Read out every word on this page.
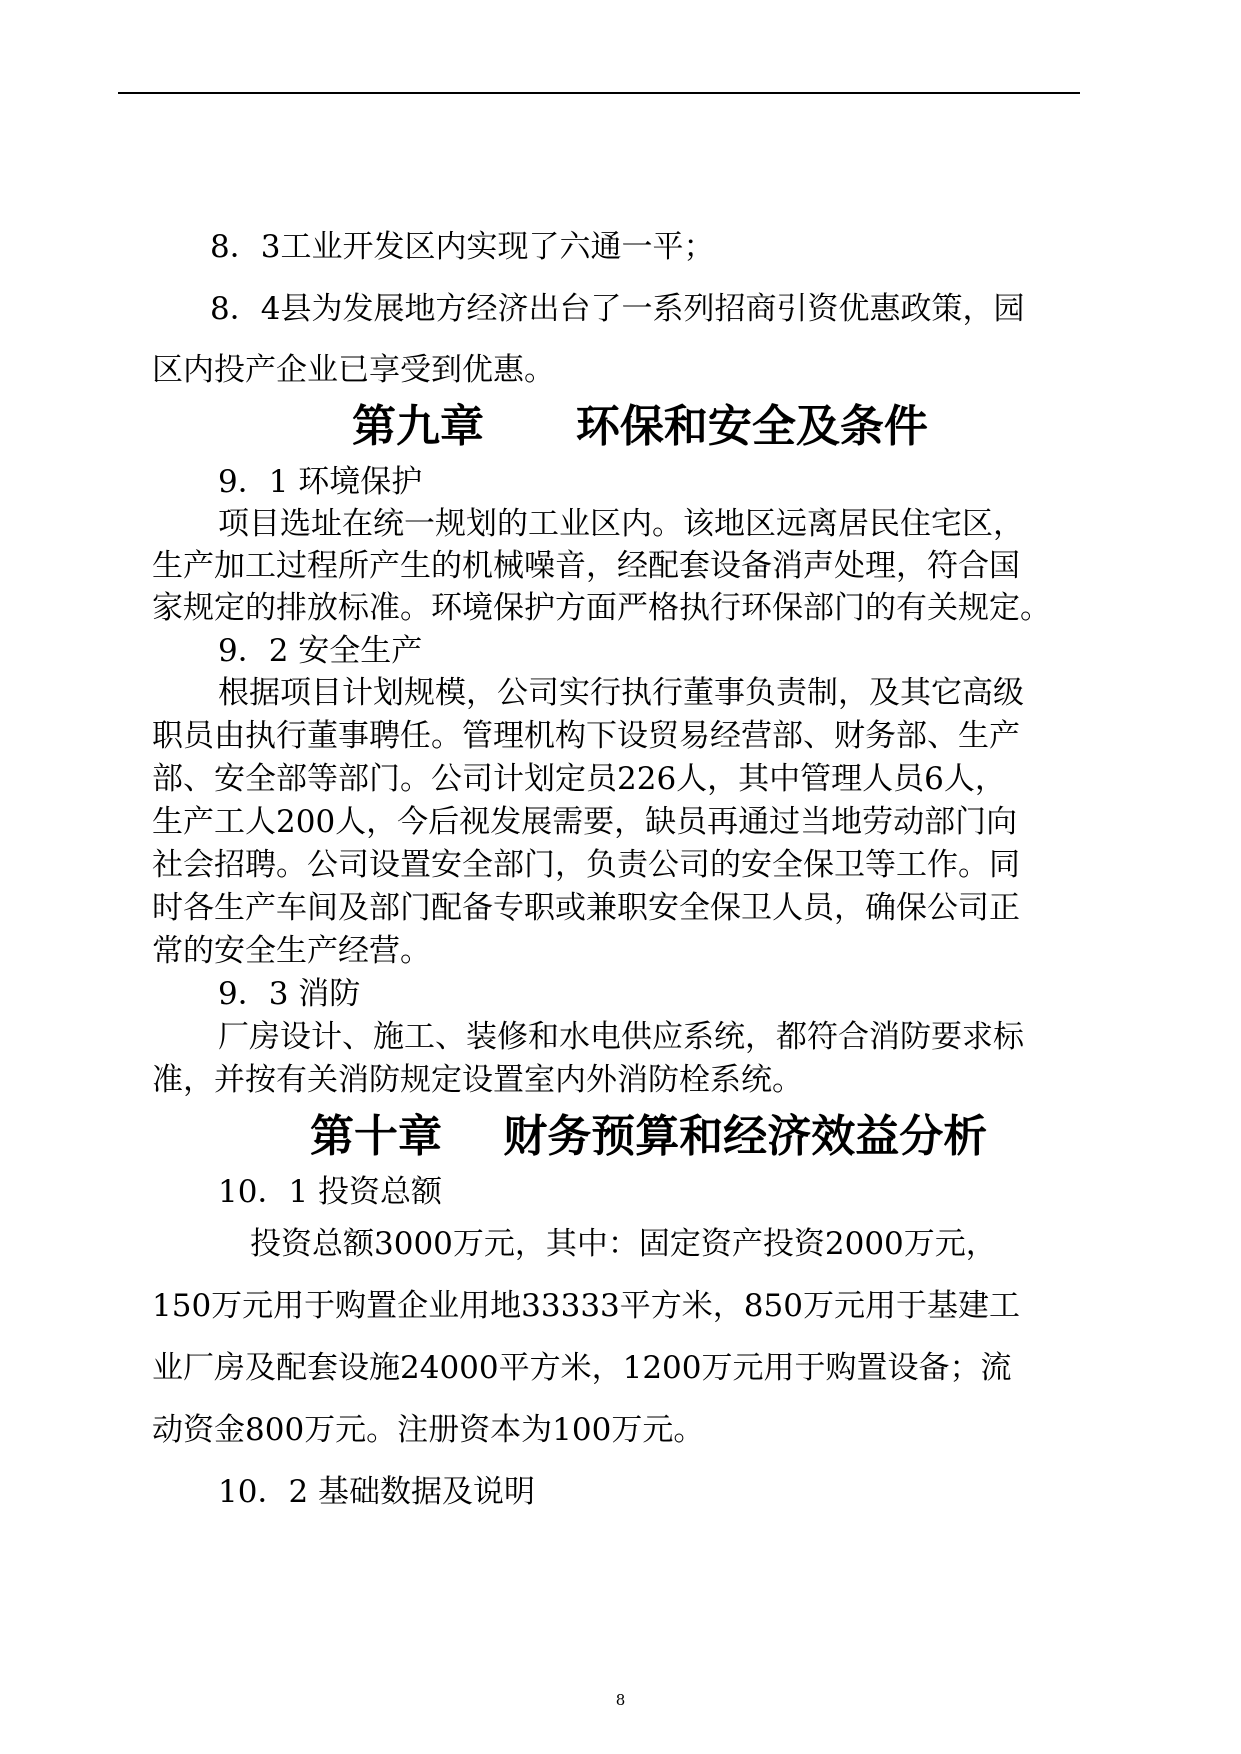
8．3工业开发区内实现了六通一平；
8．4县为发展地方经济出台了一系列招商引资优惠政策，园
区内投产企业已享受到优惠。
第九章      环保和安全及条件
9．1 环境保护
项目选址在统一规划的工业区内。该地区远离居民住宅区，
生产加工过程所产生的机械噪音，经配套设备消声处理，符合国
家规定的排放标准。环境保护方面严格执行环保部门的有关规定。
9．2 安全生产
根据项目计划规模，公司实行执行董事负责制，及其它高级
职员由执行董事聘任。管理机构下设贸易经营部、财务部、生产
部、安全部等部门。公司计划定员226人，其中管理人员6人，
生产工人200人，今后视发展需要，缺员再通过当地劳动部门向
社会招聘。公司设置安全部门，负责公司的安全保卫等工作。同
时各生产车间及部门配备专职或兼职安全保卫人员，确保公司正
常的安全生产经营。
9．3 消防
厂房设计、施工、装修和水电供应系统，都符合消防要求标
准，并按有关消防规定设置室内外消防栓系统。
第十章    财务预算和经济效益分析
10．1 投资总额
投资总额3000万元，其中：固定资产投资2000万元，
150万元用于购置企业用地33333平方米，850万元用于基建工
业厂房及配套设施24000平方米，1200万元用于购置设备；流
动资金800万元。注册资本为100万元。
10．2 基础数据及说明
8
